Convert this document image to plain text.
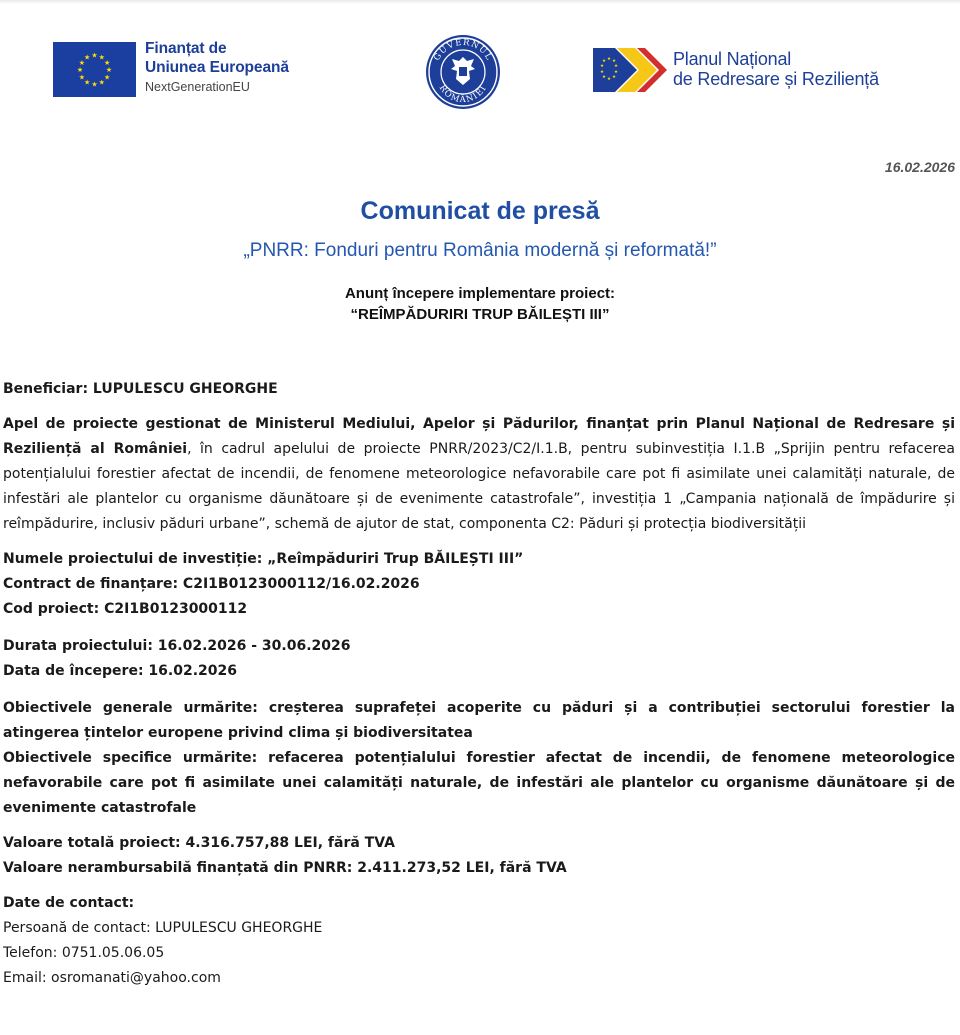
★ ★
★
★
★
★
★
★
★
★
★
★
Finanțat de
Uniunea Europeană
NextGenerationEU
GUVERNUL
ROMÂNIEI
★ ★
★
★
★
★
★
★
★
★	Planul Național
de Redresare și Reziliență
16.02.2026
Comunicat de presă
„PNRR: Fonduri pentru România modernă și reformată!”
Anunț începere implementare proiect:
“REÎMPĂDURIRI TRUP BĂILEȘTI III”

Beneficiar: LUPULESCU GHEORGHE

Apel de proiecte gestionat de Ministerul Mediului, Apelor și Pădurilor, finanțat prin Planul Național de Redresare și Reziliență al României, în cadrul apelului de proiecte PNRR/2023/C2/I.1.B, pentru subinvestiția I.1.B „Sprijin pentru refacerea potențialului forestier afectat de incendii, de fenomene meteorologice nefavorabile care pot fi asimilate unei calamități naturale, de infestări ale plantelor cu organisme dăunătoare și de evenimente catastrofale”, investiția 1 „Campania națională de împădurire și reîmpădurire, inclusiv păduri urbane”, schemă de ajutor de stat, componenta C2: Păduri și protecția biodiversității

Numele proiectului de investiție: „Reîmpăduriri Trup BĂILEȘTI III”

Contract de finanțare: C2I1B0123000112/16.02.2026

Cod proiect: C2I1B0123000112

Durata proiectului: 16.02.2026 - 30.06.2026

Data de începere: 16.02.2026

Obiectivele generale urmărite: creșterea suprafeței acoperite cu păduri și a contribuției sectorului forestier la atingerea țintelor europene privind clima și biodiversitatea

Obiectivele specifice urmărite: refacerea potențialului forestier afectat de incendii, de fenomene meteorologice nefavorabile care pot fi asimilate unei calamități naturale, de infestări ale plantelor cu organisme dăunătoare și de evenimente catastrofale

Valoare totală proiect: 4.316.757,88 LEI, fără TVA

Valoare nerambursabilă finanțată din PNRR: 2.411.273,52 LEI, fără TVA

Date de contact:

Persoană de contact: LUPULESCU GHEORGHE

Telefon: 0751.05.06.05

Email: osromanati@yahoo.com
